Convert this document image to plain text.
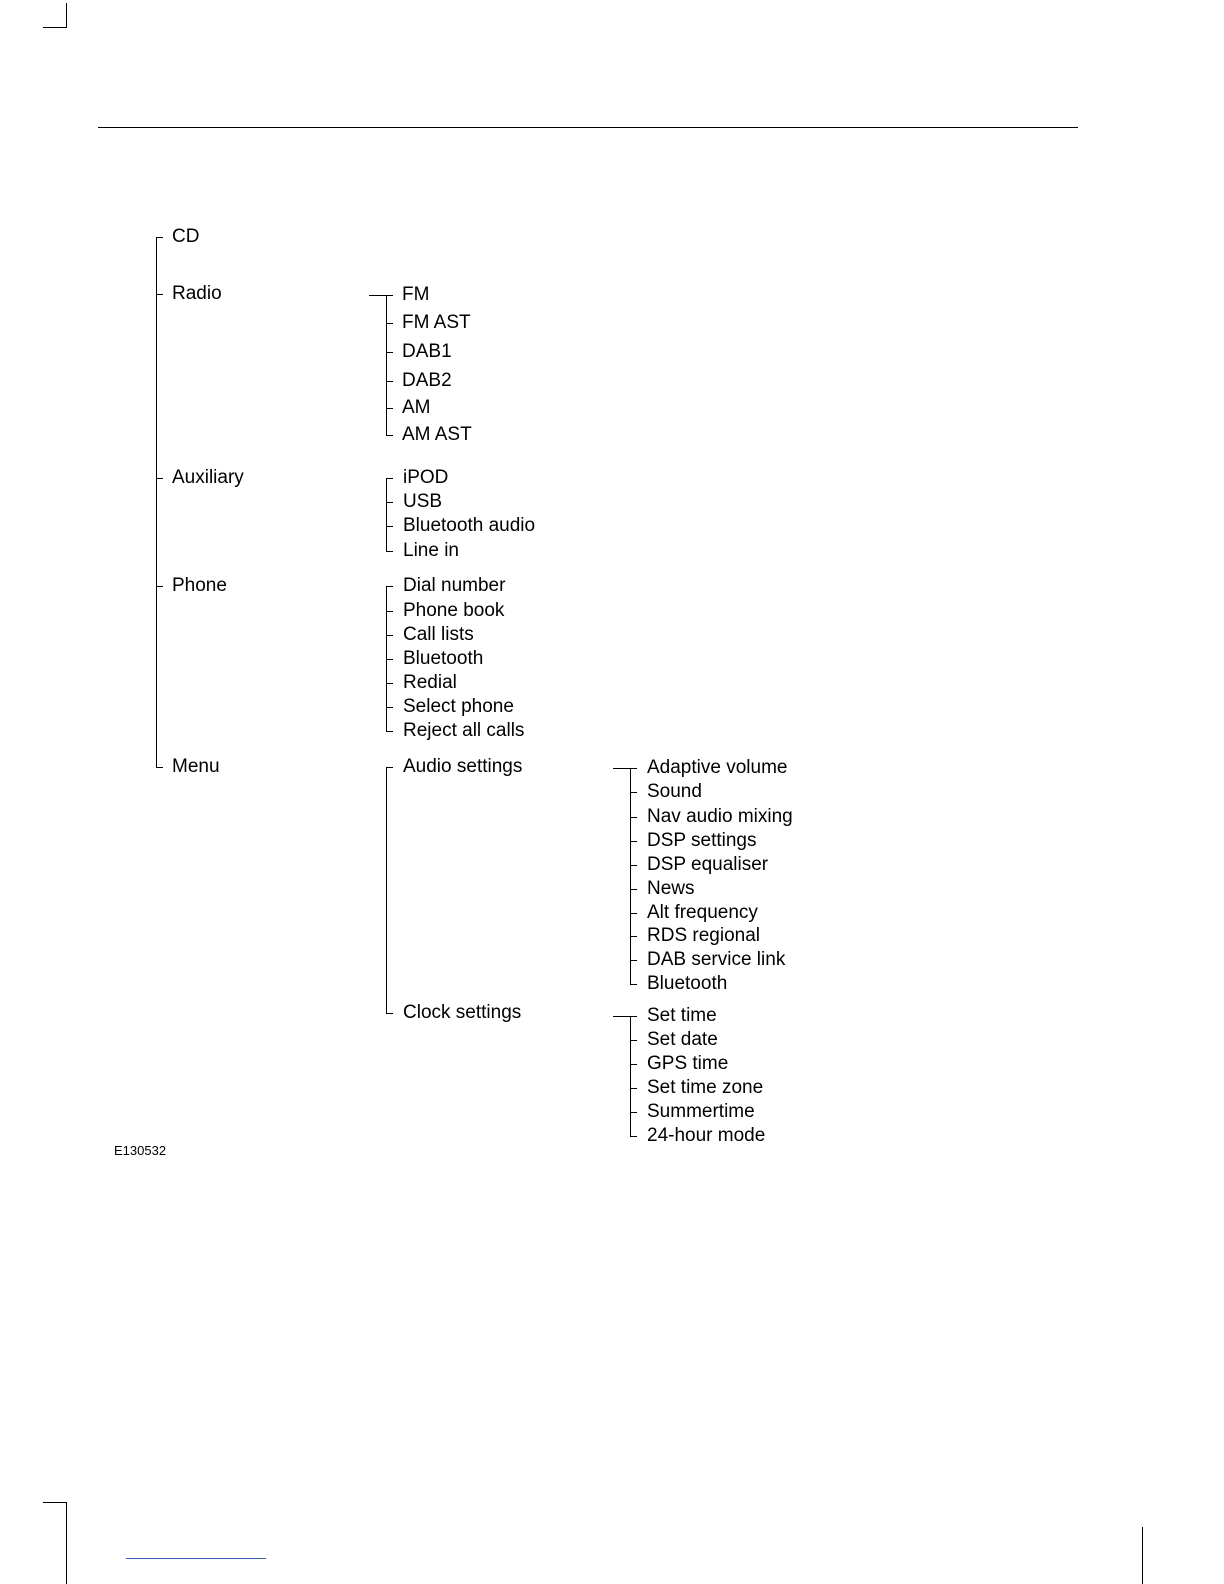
CD
Radio
Auxiliary
Phone
Menu
FM
FM AST
DAB1
DAB2
AM
AM AST
iPOD
USB
Bluetooth audio
Line in
Dial number
Phone book
Call lists
Bluetooth
Redial
Select phone
Reject all calls
Audio settings
Clock settings
Adaptive volume
Sound
Nav audio mixing
DSP settings
DSP equaliser
News
Alt frequency
RDS regional
DAB service link
Bluetooth
Set time
Set date
GPS time
Set time zone
Summertime
24-hour mode
E130532
